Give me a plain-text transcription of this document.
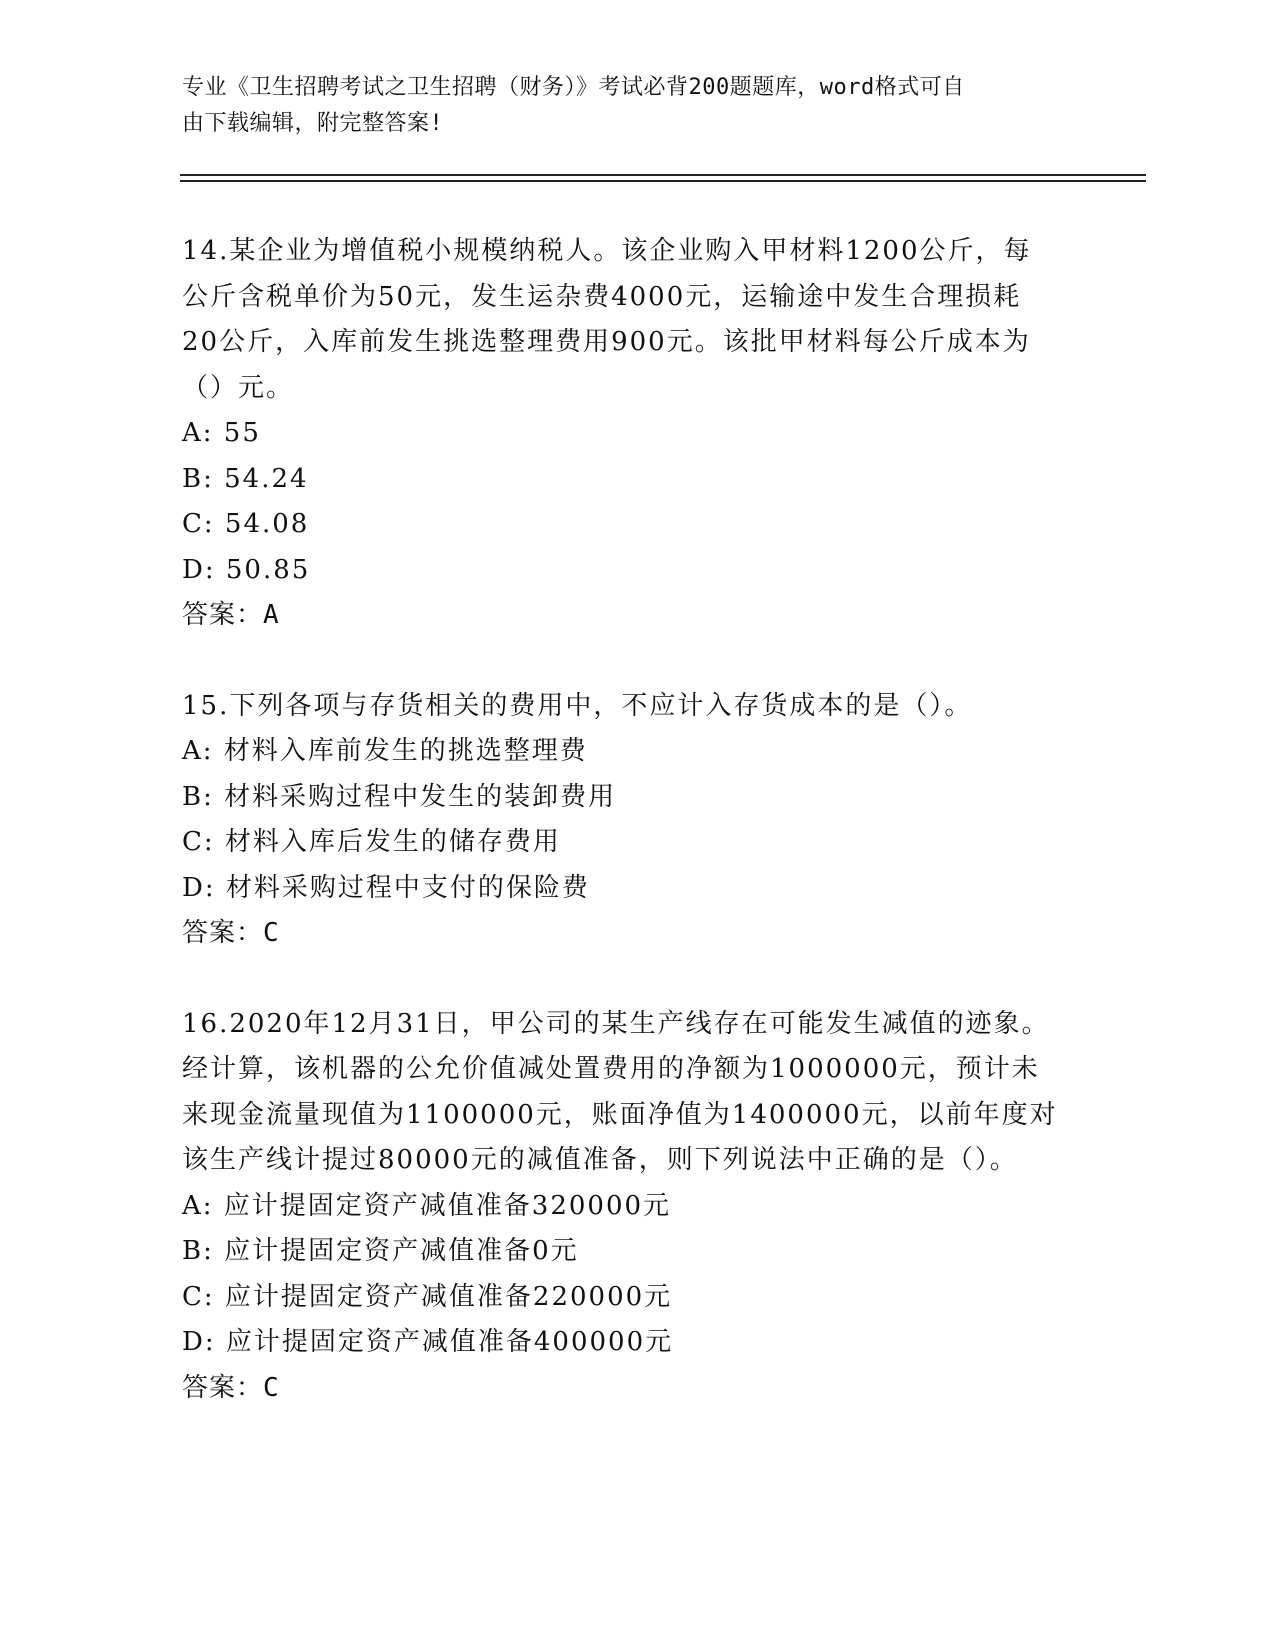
专业《卫生招聘考试之卫生招聘（财务）》考试必背200题题库，word格式可自
由下载编辑，附完整答案!

14.某企业为增值税小规模纳税人。该企业购入甲材料1200公斤，每

公斤含税单价为50元，发生运杂费4000元，运输途中发生合理损耗

20公斤，入库前发生挑选整理费用900元。该批甲材料每公斤成本为

（）元。

A: 55

B: 54.24

C: 54.08

D: 50.85

答案：A

15.下列各项与存货相关的费用中，不应计入存货成本的是（）。

A: 材料入库前发生的挑选整理费

B: 材料采购过程中发生的装卸费用

C: 材料入库后发生的储存费用

D: 材料采购过程中支付的保险费

答案：C

16.2020年12月31日，甲公司的某生产线存在可能发生减值的迹象。

经计算，该机器的公允价值减处置费用的净额为1000000元，预计未

来现金流量现值为1100000元，账面净值为1400000元，以前年度对

该生产线计提过80000元的减值准备，则下列说法中正确的是（）。

A: 应计提固定资产减值准备320000元

B: 应计提固定资产减值准备0元

C: 应计提固定资产减值准备220000元

D: 应计提固定资产减值准备400000元

答案：C
